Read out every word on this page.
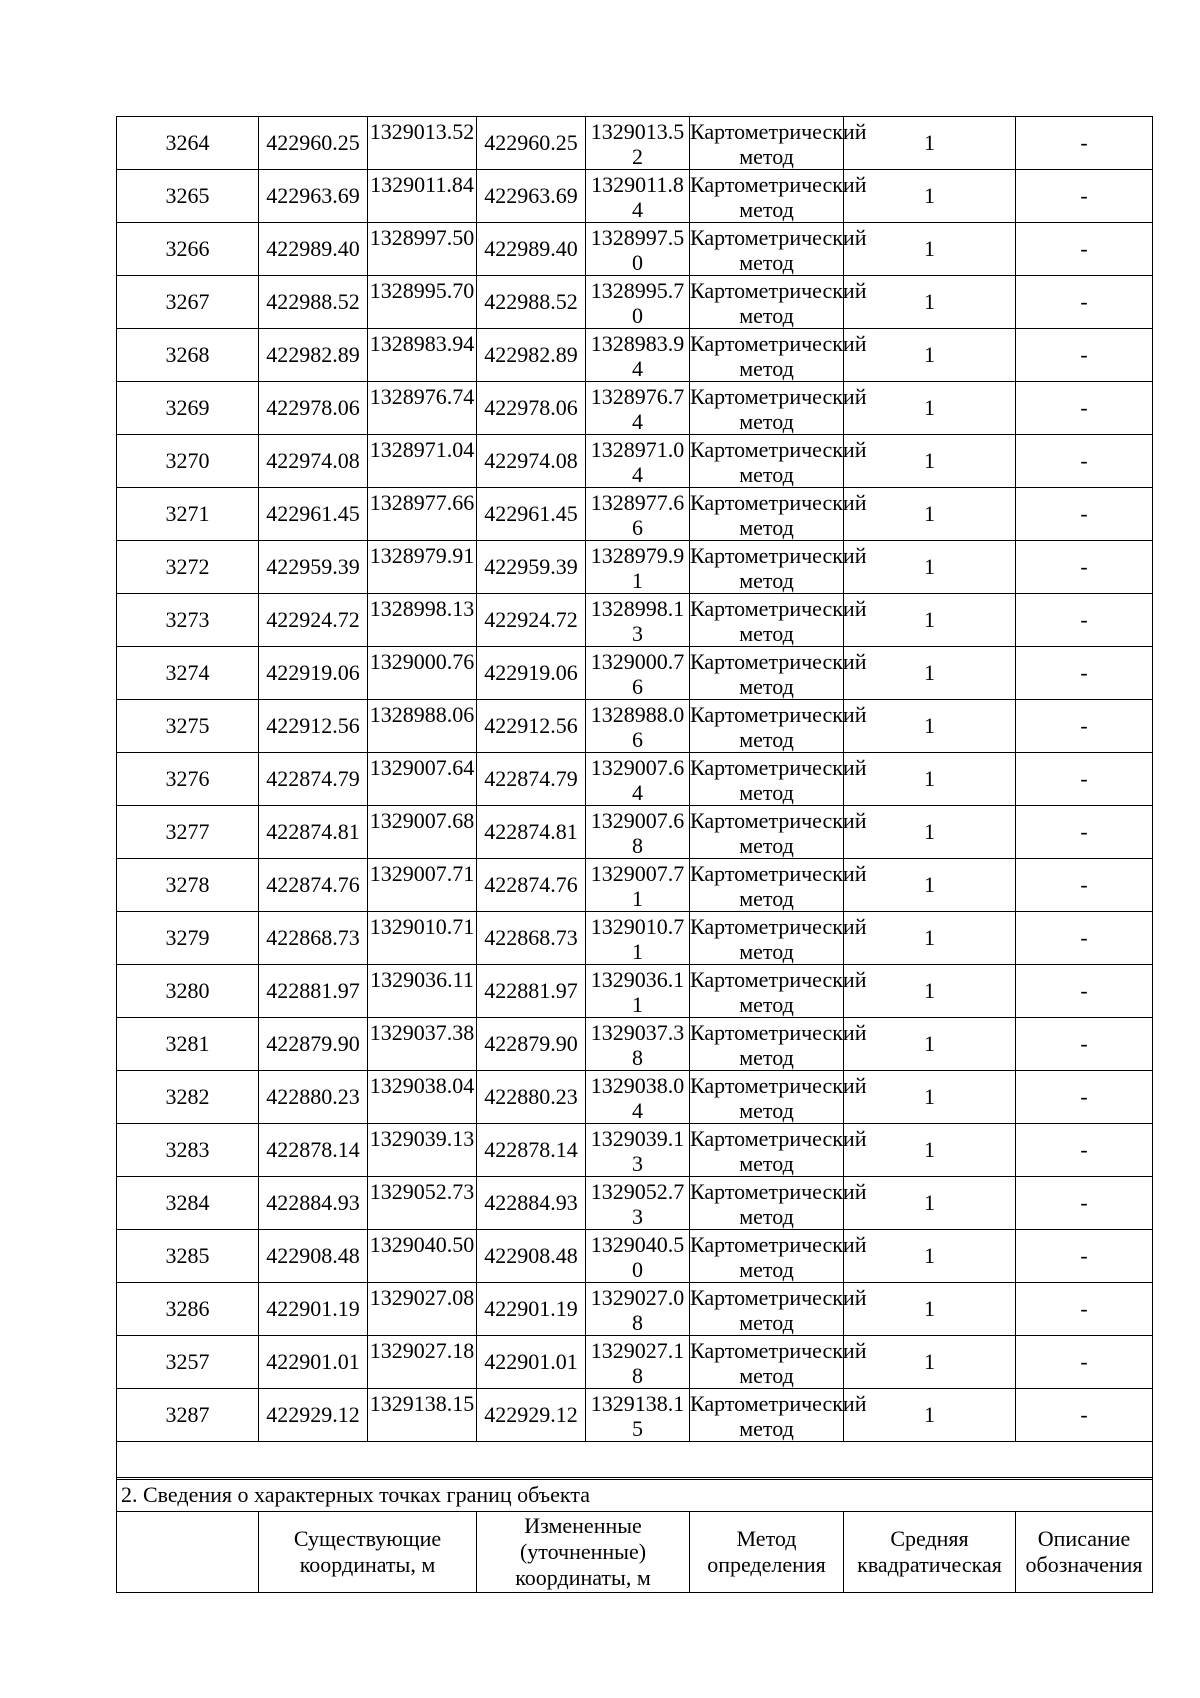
3264	422960.25	1329013.52	422960.25	1329013.52	Картометрический метод	1	-
3265	422963.69	1329011.84	422963.69	1329011.84	Картометрический метод	1	-
3266	422989.40	1328997.50	422989.40	1328997.50	Картометрический метод	1	-
3267	422988.52	1328995.70	422988.52	1328995.70	Картометрический метод	1	-
3268	422982.89	1328983.94	422982.89	1328983.94	Картометрический метод	1	-
3269	422978.06	1328976.74	422978.06	1328976.74	Картометрический метод	1	-
3270	422974.08	1328971.04	422974.08	1328971.04	Картометрический метод	1	-
3271	422961.45	1328977.66	422961.45	1328977.66	Картометрический метод	1	-
3272	422959.39	1328979.91	422959.39	1328979.91	Картометрический метод	1	-
3273	422924.72	1328998.13	422924.72	1328998.13	Картометрический метод	1	-
3274	422919.06	1329000.76	422919.06	1329000.76	Картометрический метод	1	-
3275	422912.56	1328988.06	422912.56	1328988.06	Картометрический метод	1	-
3276	422874.79	1329007.64	422874.79	1329007.64	Картометрический метод	1	-
3277	422874.81	1329007.68	422874.81	1329007.68	Картометрический метод	1	-
3278	422874.76	1329007.71	422874.76	1329007.71	Картометрический метод	1	-
3279	422868.73	1329010.71	422868.73	1329010.71	Картометрический метод	1	-
3280	422881.97	1329036.11	422881.97	1329036.11	Картометрический метод	1	-
3281	422879.90	1329037.38	422879.90	1329037.38	Картометрический метод	1	-
3282	422880.23	1329038.04	422880.23	1329038.04	Картометрический метод	1	-
3283	422878.14	1329039.13	422878.14	1329039.13	Картометрический метод	1	-
3284	422884.93	1329052.73	422884.93	1329052.73	Картометрический метод	1	-
3285	422908.48	1329040.50	422908.48	1329040.50	Картометрический метод	1	-
3286	422901.19	1329027.08	422901.19	1329027.08	Картометрический метод	1	-
3257	422901.01	1329027.18	422901.01	1329027.18	Картометрический метод	1	-
3287	422929.12	1329138.15	422929.12	1329138.15	Картометрический метод	1	-

2. Сведения о характерных точках границ объекта
	Существующие координаты, м	Измененные (уточненные) координаты, м	Метод определения	Средняя квадратическая	Описание обозначения
